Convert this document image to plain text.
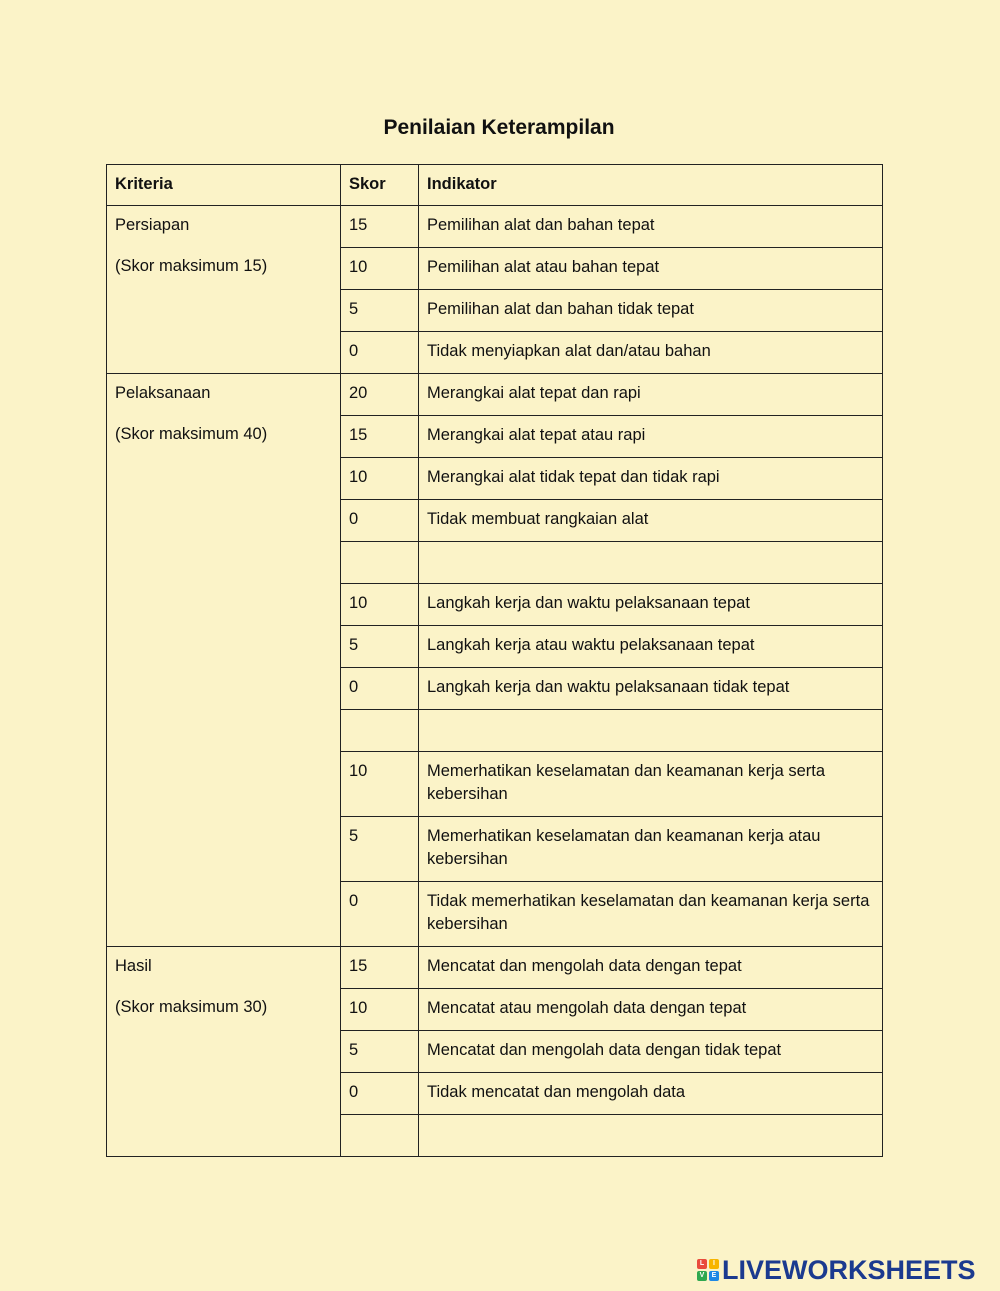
Penilaian Keterampilan
Kriteria	Skor	Indikator

Persiapan
(Skor maksimum 15)	15	Pemilihan alat dan bahan tepat
	10	Pemilihan alat atau bahan tepat
	5	Pemilihan alat dan bahan tidak tepat
	0	Tidak menyiapkan alat dan/atau bahan

Pelaksanaan
(Skor maksimum 40)	20	Merangkai alat tepat dan rapi
	15	Merangkai alat tepat atau rapi
	10	Merangkai alat tidak tepat dan tidak rapi
	0	Tidak membuat rangkaian alat

	10	Langkah kerja dan waktu pelaksanaan tepat
	5	Langkah kerja atau waktu pelaksanaan tepat
	0	Langkah kerja dan waktu pelaksanaan tidak tepat

	10	Memerhatikan keselamatan dan keamanan kerja serta kebersihan
	5	Memerhatikan keselamatan dan keamanan kerja atau kebersihan
	0	Tidak memerhatikan keselamatan dan keamanan kerja serta kebersihan

Hasil
(Skor maksimum 30)	15	Mencatat dan mengolah data dengan tepat
	10	Mencatat atau mengolah data dengan tepat
	5	Mencatat dan mengolah data dengan tidak tepat
	0	Tidak mencatat dan mengolah data

L	I
V	E LIVEWORKSHEETS
